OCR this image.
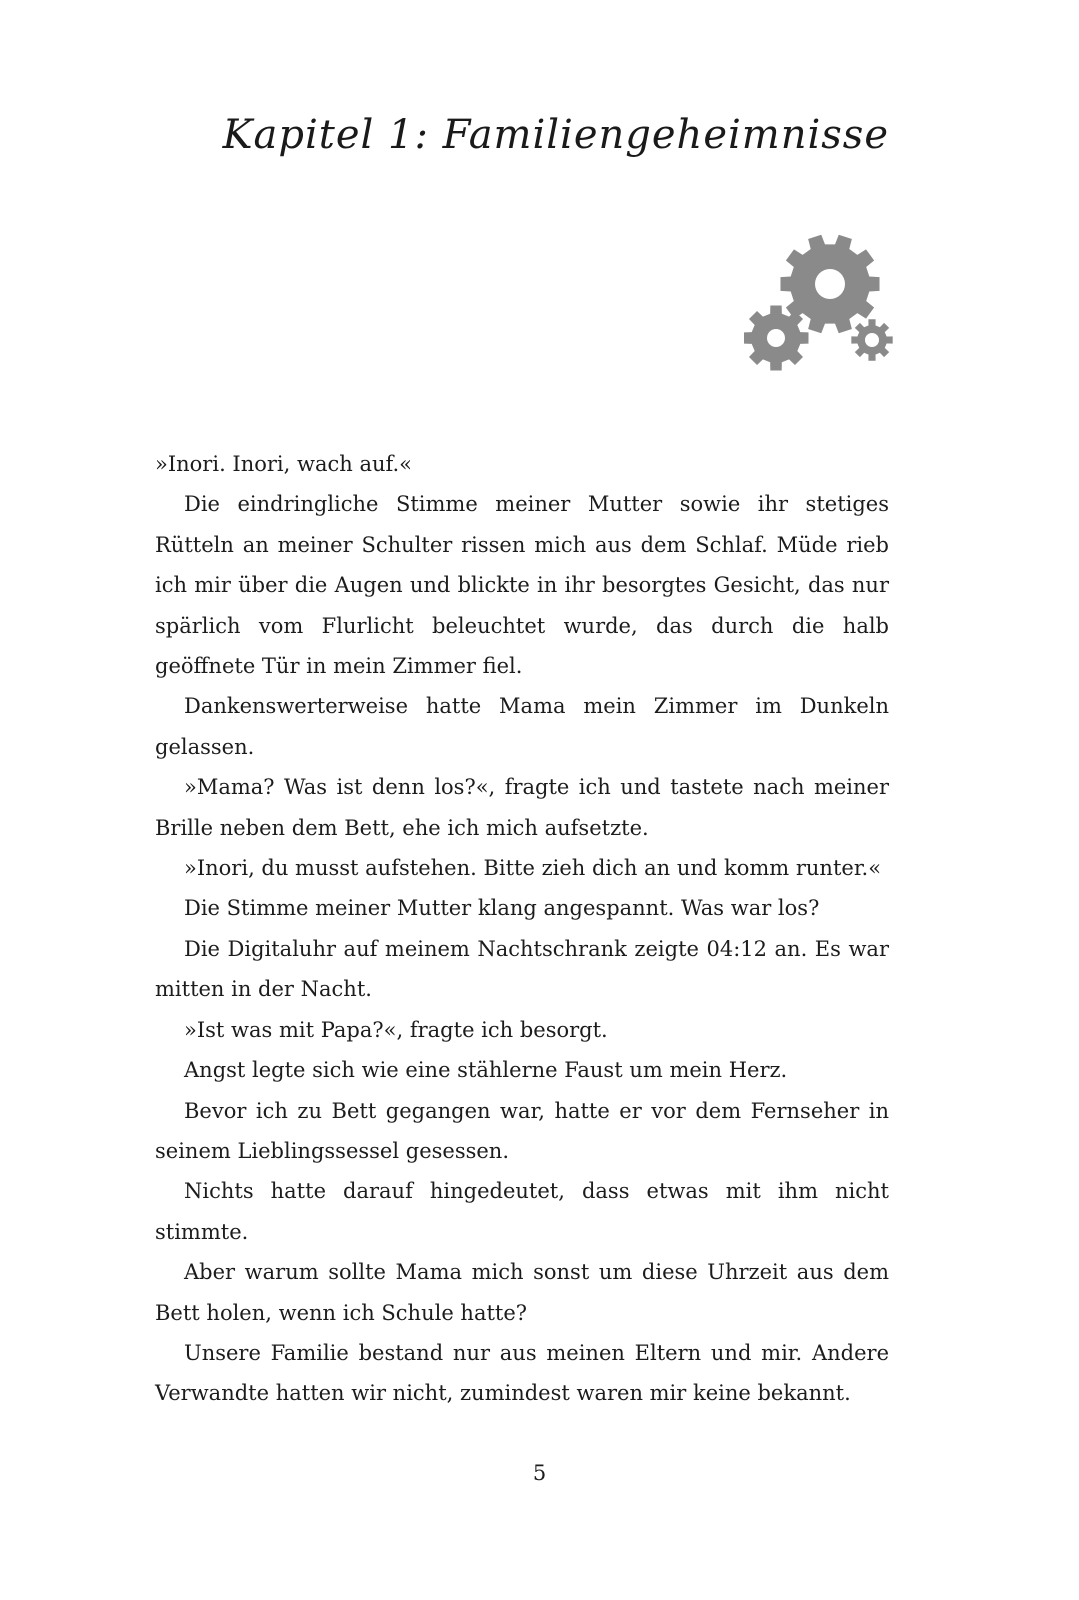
Kapitel 1: Familiengeheimnisse

»Inori. Inori, wach auf.«

Die eindringliche Stimme meiner Mutter sowie ihr stetiges Rütteln an meiner Schulter rissen mich aus dem Schlaf. Müde rieb ich mir über die Augen und blickte in ihr besorgtes Gesicht, das nur spärlich vom Flurlicht beleuchtet wurde, das durch die halb geöffnete Tür in mein Zimmer fiel.

Dankenswerterweise hatte Mama mein Zimmer im Dunkeln gelassen.

»Mama? Was ist denn los?«, fragte ich und tastete nach meiner Brille neben dem Bett, ehe ich mich aufsetzte.

»Inori, du musst aufstehen. Bitte zieh dich an und komm runter.«

Die Stimme meiner Mutter klang angespannt. Was war los?

Die Digitaluhr auf meinem Nachtschrank zeigte 04:12 an. Es war mitten in der Nacht.

»Ist was mit Papa?«, fragte ich besorgt.

Angst legte sich wie eine stählerne Faust um mein Herz.

Bevor ich zu Bett gegangen war, hatte er vor dem Fernseher in seinem Lieblingssessel gesessen.

Nichts hatte darauf hingedeutet, dass etwas mit ihm nicht stimmte.

Aber warum sollte Mama mich sonst um diese Uhrzeit aus dem Bett holen, wenn ich Schule hatte?

Unsere Familie bestand nur aus meinen Eltern und mir. Andere Verwandte hatten wir nicht, zumindest waren mir keine bekannt.

5
